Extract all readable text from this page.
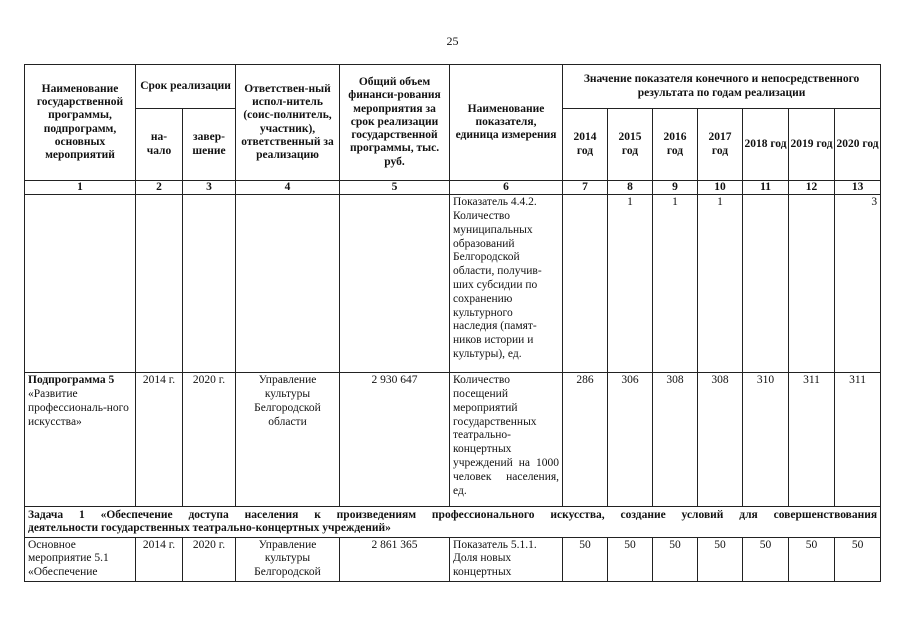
25
Наименование государственной программы, подпрограмм, основных мероприятий	Срок реализации		Ответствен-ный испол-нитель (соис-полнитель, участник), ответственный за реализацию	Общий объем финанси-рования мероприятия за срок реализации государственной программы, тыс. руб.	Наименование показателя, единица измерения	Значение показателя конечного и непосредственного результата по годам реализации						
	на-чало	завер-шение				2014 год	2015 год	2016 год	2017 год	2018 год	2019 год	2020 год
1	2	3	4	5	6	7	8	9	10	11	12	13
					Показатель 4.4.2. Количество муниципальных образований Белгородской области, получив-ших субсидии по сохранению культурного наследия (памят-ников истории и культуры), ед.		1	1	1			3
Подпрограмма 5
«Развитие профессиональ-ного искусства»	2014 г.	2020 г.	Управление культуры Белгородской области	2 930 647	Количество посещений мероприятий государственных театрально-концертных учреждений на 1000 человек населения, ед.	286	306	308	308	310	311	311

Задача 1 «Обеспечение доступа населения к произведениям профессионального искусства, создание условий для совершенствования
деятельности государственных театрально-концертных учреждений»												

Основное мероприятие 5.1 «Обеспечение	2014 г.	2020 г.	Управление культуры Белгородской	2 861 365	Показатель 5.1.1. Доля новых концертных	50	50	50	50	50	50	50
